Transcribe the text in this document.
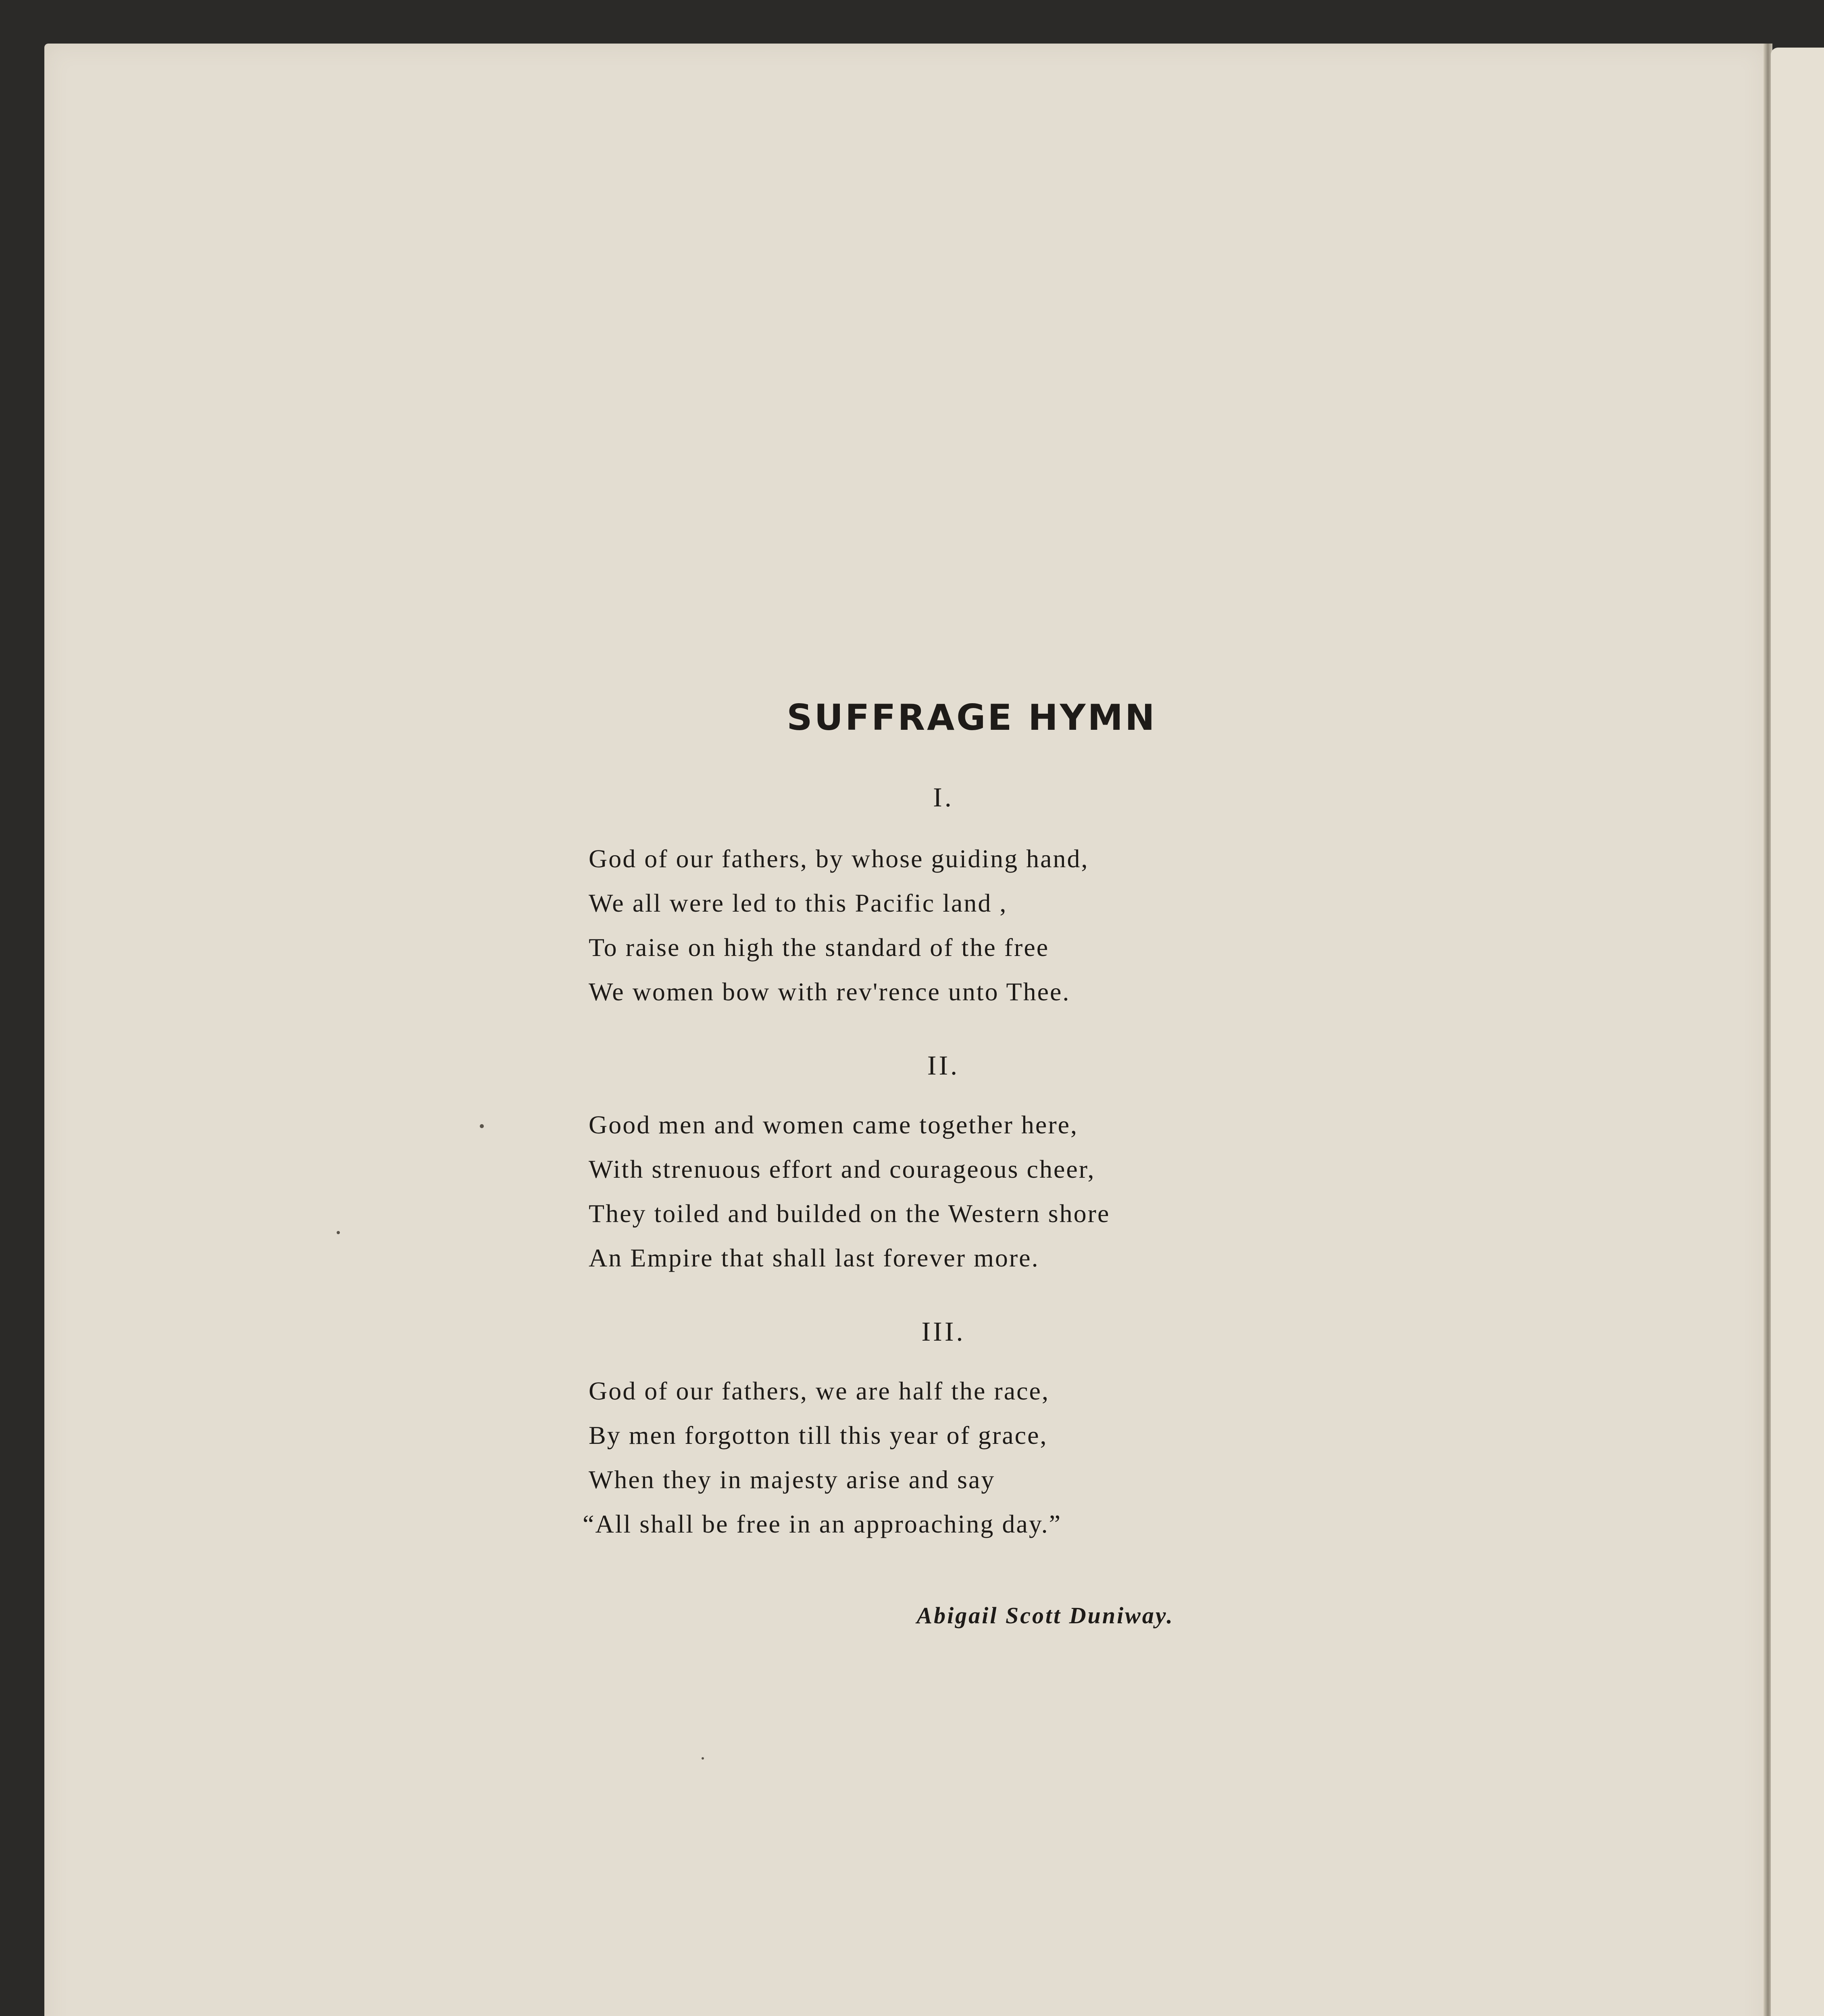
SUFFRAGE HYMN
I.
God of our fathers, by whose guiding hand,
We all were led to this Pacific land ,
To raise on high the standard of the free
We women bow with rev'rence unto Thee.
II.
Good men and women came together here,
With strenuous effort and courageous cheer,
They toiled and builded on the Western shore
An Empire that shall last forever more.
III.
God of our fathers, we are half the race,
By men forgotton till this year of grace,
When they in majesty arise and say
“All shall be free in an approaching day.”
Abigail Scott Duniway.
